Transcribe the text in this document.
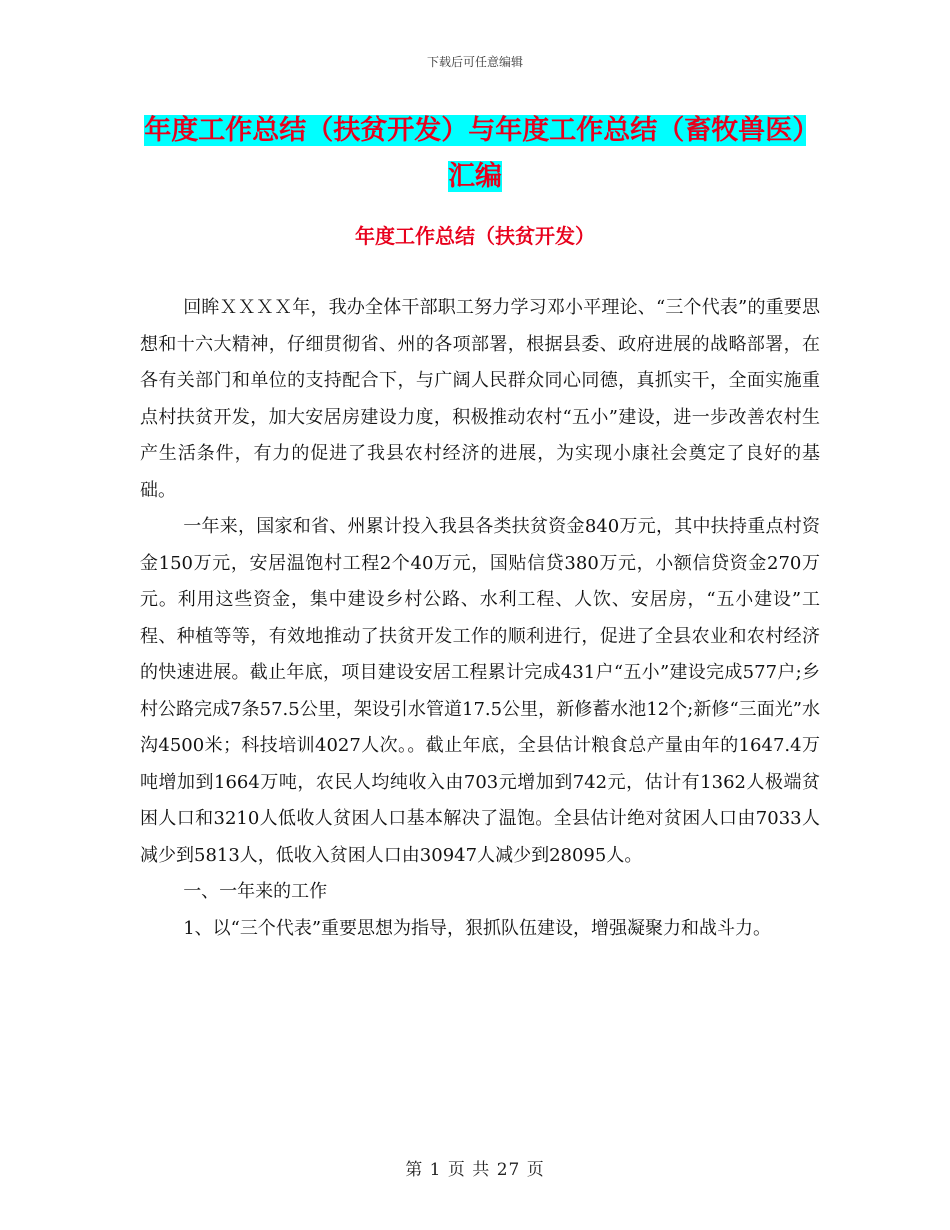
下载后可任意编辑
年度工作总结（扶贫开发）与年度工作总结（畜牧兽医）汇编
年度工作总结（扶贫开发）

回眸ＸＸＸＸ年，我办全体干部职工努力学习邓小平理论、“三个代表”的重要思想和十六大精神，仔细贯彻省、州的各项部署，根据县委、政府进展的战略部署，在各有关部门和单位的支持配合下，与广阔人民群众同心同德，真抓实干，全面实施重点村扶贫开发，加大安居房建设力度，积极推动农村“五小”建设，进一步改善农村生产生活条件，有力的促进了我县农村经济的进展，为实现小康社会奠定了良好的基础。

一年来，国家和省、州累计投入我县各类扶贫资金840万元，其中扶持重点村资金150万元，安居温饱村工程2个40万元，国贴信贷380万元，小额信贷资金270万元。利用这些资金，集中建设乡村公路、水利工程、人饮、安居房，“五小建设”工程、种植等等，有效地推动了扶贫开发工作的顺利进行，促进了全县农业和农村经济的快速进展。截止年底，项目建设安居工程累计完成431户“五小”建设完成577户;乡村公路完成7条57.5公里，架设引水管道17.5公里，新修蓄水池12个;新修“三面光”水沟4500米；科技培训4027人次。。截止年底，全县估计粮食总产量由年的1647.4万吨增加到1664万吨，农民人均纯收入由703元增加到742元，估计有1362人极端贫困人口和3210人低收人贫困人口基本解决了温饱。全县估计绝对贫困人口由7033人减少到5813人，低收入贫困人口由30947人减少到28095人。

一、一年来的工作

1、以“三个代表”重要思想为指导，狠抓队伍建设，增强凝聚力和战斗力。

第 1 页 共 27 页
